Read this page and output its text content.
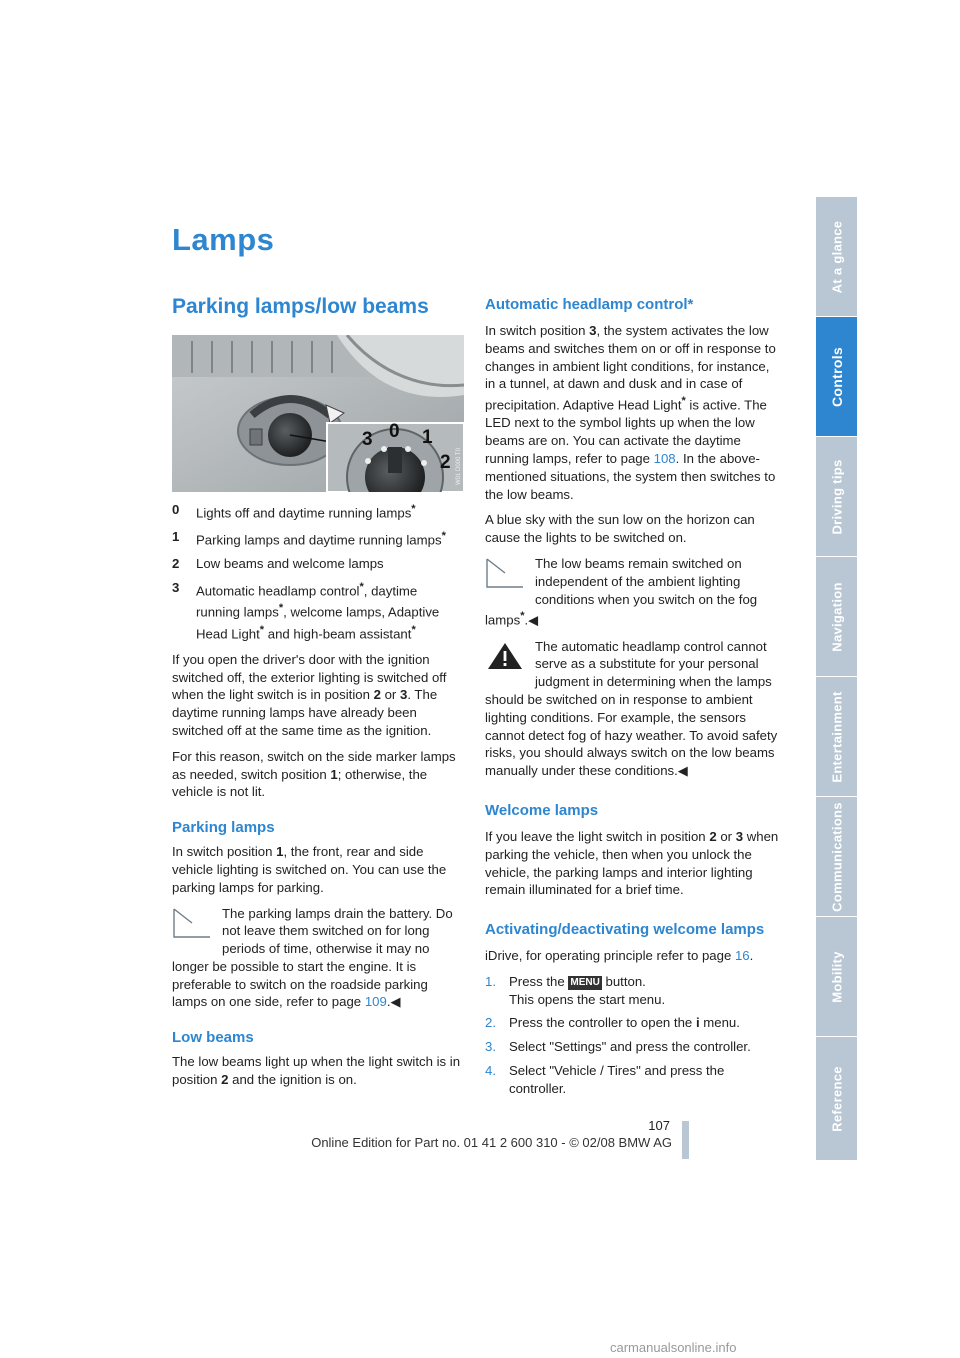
Lamps
Parking lamps/low beams
3 0 1
2 W01 D000 T0
0	Lights off and daytime running lamps*
1	Parking lamps and daytime running lamps*
2	Low beams and welcome lamps
3	Automatic headlamp control*, daytime running lamps*, welcome lamps, Adaptive Head Light* and high-beam assistant*

If you open the driver's door with the ignition switched off, the exterior lighting is switched off when the light switch is in position 2 or 3. The daytime running lamps have already been switched off at the same time as the ignition.

For this reason, switch on the side marker lamps as needed, switch position 1; otherwise, the vehicle is not lit.

Parking lamps

In switch position 1, the front, rear and side vehicle lighting is switched on. You can use the parking lamps for parking.

The parking lamps drain the battery. Do not leave them switched on for long periods of time, otherwise it may no longer be possible to start the engine. It is preferable to switch on the roadside parking lamps on one side, refer to page 109.◀

Low beams

The low beams light up when the light switch is in position 2 and the ignition is on.

Automatic headlamp control*

In switch position 3, the system activates the low beams and switches them on or off in response to changes in ambient light conditions, for instance, in a tunnel, at dawn and dusk and in case of precipitation. Adaptive Head Light* is active. The LED next to the symbol lights up when the low beams are on. You can activate the daytime running lamps, refer to page 108. In the above-mentioned situations, the system then switches to the low beams.

A blue sky with the sun low on the horizon can cause the lights to be switched on.

The low beams remain switched on independent of the ambient lighting conditions when you switch on the fog lamps*.◀

The automatic headlamp control cannot serve as a substitute for your personal judgment in determining when the lamps should be switched on in response to ambient lighting conditions. For example, the sensors cannot detect fog of hazy weather. To avoid safety risks, you should always switch on the low beams manually under these conditions.◀

Welcome lamps

If you leave the light switch in position 2 or 3 when parking the vehicle, then when you unlock the vehicle, the parking lamps and interior lighting remain illuminated for a brief time.

Activating/deactivating welcome lamps

iDrive, for operating principle refer to page 16.

1. Press the MENU button.
This opens the start menu.
2. Press the controller to open the i menu.
3. Select "Settings" and press the controller.
4. Select "Vehicle / Tires" and press the controller.
At a glance
Controls
Driving tips
Navigation
Entertainment
Communications
Mobility
Reference
107
Online Edition for Part no. 01 41 2 600 310 - © 02/08 BMW AG
carmanualsonline.info
